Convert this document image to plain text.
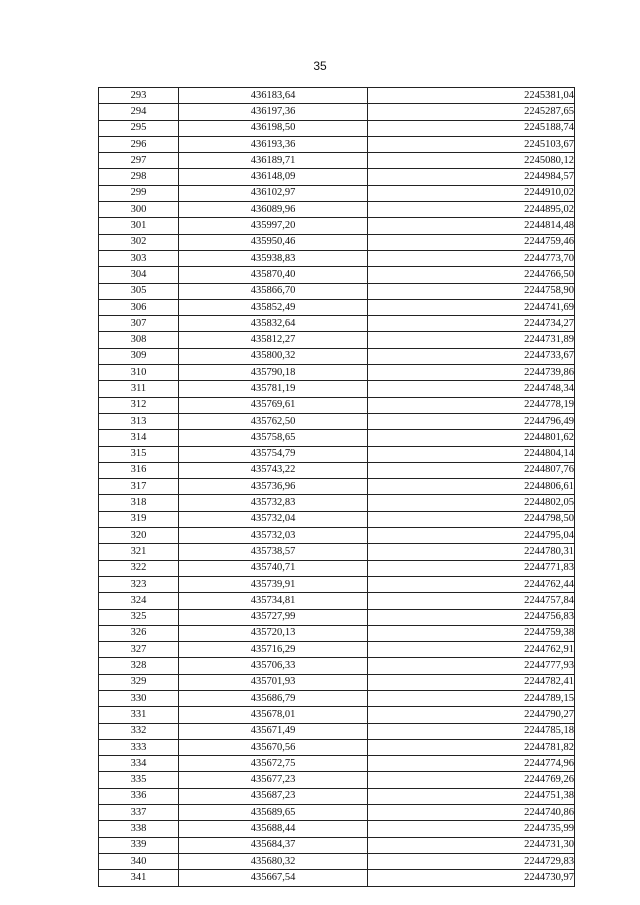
35
293	436183,64	2245381,04
294	436197,36	2245287,65
295	436198,50	2245188,74
296	436193,36	2245103,67
297	436189,71	2245080,12
298	436148,09	2244984,57
299	436102,97	2244910,02
300	436089,96	2244895,02
301	435997,20	2244814,48
302	435950,46	2244759,46
303	435938,83	2244773,70
304	435870,40	2244766,50
305	435866,70	2244758,90
306	435852,49	2244741,69
307	435832,64	2244734,27
308	435812,27	2244731,89
309	435800,32	2244733,67
310	435790,18	2244739,86
311	435781,19	2244748,34
312	435769,61	2244778,19
313	435762,50	2244796,49
314	435758,65	2244801,62
315	435754,79	2244804,14
316	435743,22	2244807,76
317	435736,96	2244806,61
318	435732,83	2244802,05
319	435732,04	2244798,50
320	435732,03	2244795,04
321	435738,57	2244780,31
322	435740,71	2244771,83
323	435739,91	2244762,44
324	435734,81	2244757,84
325	435727,99	2244756,83
326	435720,13	2244759,38
327	435716,29	2244762,91
328	435706,33	2244777,93
329	435701,93	2244782,41
330	435686,79	2244789,15
331	435678,01	2244790,27
332	435671,49	2244785,18
333	435670,56	2244781,82
334	435672,75	2244774,96
335	435677,23	2244769,26
336	435687,23	2244751,38
337	435689,65	2244740,86
338	435688,44	2244735,99
339	435684,37	2244731,30
340	435680,32	2244729,83
341	435667,54	2244730,97
